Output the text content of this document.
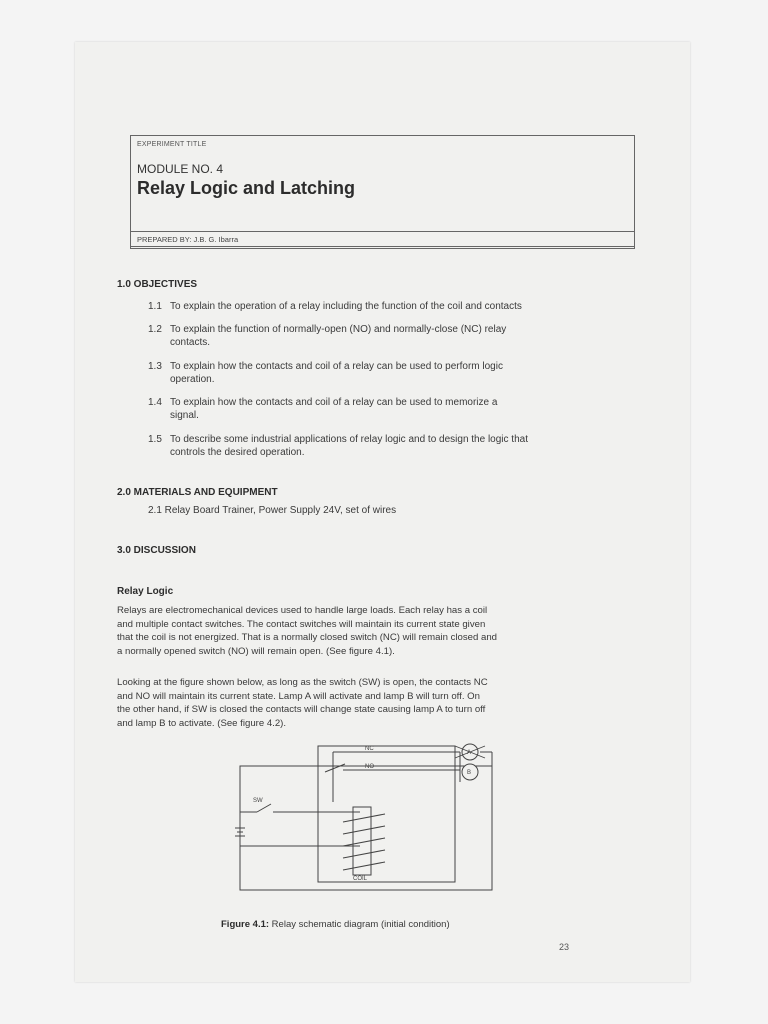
EXPERIMENT TITLE
MODULE NO. 4
Relay Logic and Latching
PREPARED BY: J.B. G. Ibarra
1.0 OBJECTIVES
1.1 To explain the operation of a relay including the function of the coil and contacts
1.2 To explain the function of normally-open (NO) and normally-close (NC) relay
contacts.
1.3 To explain how the contacts and coil of a relay can be used to perform logic
operation.
1.4 To explain how the contacts and coil of a relay can be used to memorize a
signal.
1.5 To describe some industrial applications of relay logic and to design the logic that
controls the desired operation.
2.0 MATERIALS AND EQUIPMENT
2.1 Relay Board Trainer, Power Supply 24V, set of wires
3.0 DISCUSSION
Relay Logic
Relays are electromechanical devices used to handle large loads. Each relay has a coil
and multiple contact switches. The contact switches will maintain its current state given
that the coil is not energized. That is a normally closed switch (NC) will remain closed and
a normally opened switch (NO) will remain open. (See figure 4.1).
Looking at the figure shown below, as long as the switch (SW) is open, the contacts NC
and NO will maintain its current state. Lamp A will activate and lamp B will turn off. On
the other hand, if SW is closed the contacts will change state causing lamp A to turn off
and lamp B to activate. (See figure 4.2).
NC
NO
SW
COIL
A
B
Figure 4.1: Relay schematic diagram (initial condition)
23
